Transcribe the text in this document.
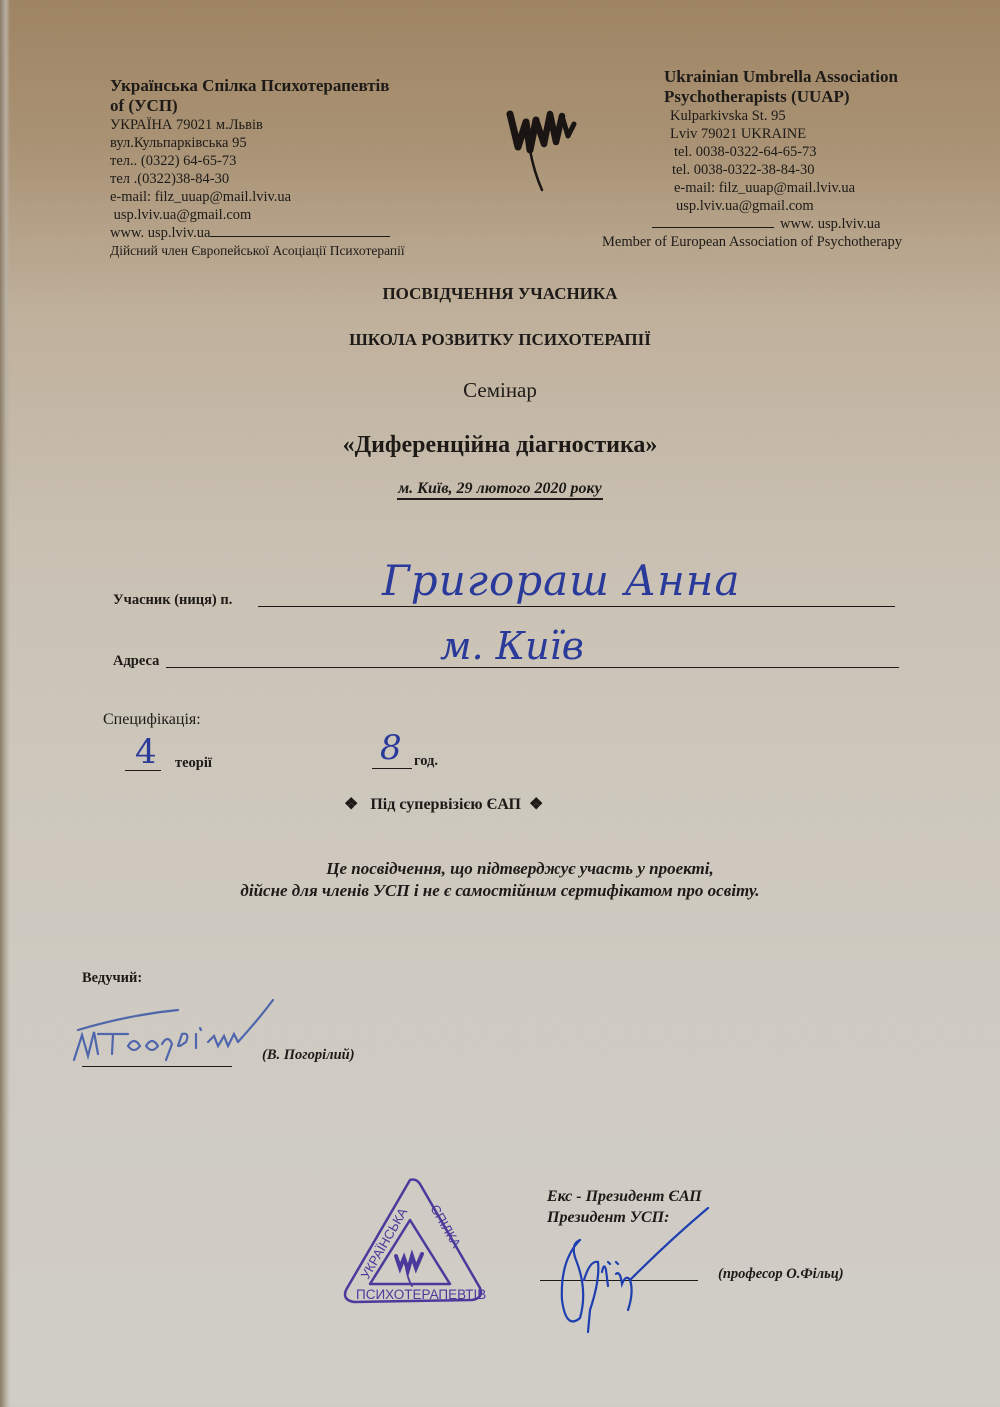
Українська Спілка Психотерапевтів
of (УСП)
УКРАЇНА 79021 м.Львів
вул.Кульпарківська 95
тел.. (0322) 64-65-73
тел .(0322)38-84-30
e-mail: filz_uuap@mail.lviv.ua
usp.lviv.ua@gmail.com
www. usp.lviv.ua
Дійсний член Європейської Асоціації Психотерапії
Ukrainian Umbrella Association
Psychotherapists (UUAP)
Kulparkivska St. 95
Lviv 79021 UKRAINE
tel. 0038-0322-64-65-73
tel. 0038-0322-38-84-30
e-mail: filz_uuap@mail.lviv.ua
usp.lviv.ua@gmail.com
www. usp.lviv.ua
Member of European Association of Psychotherapy
ПОСВІДЧЕННЯ УЧАСНИКА
ШКОЛА РОЗВИТКУ ПСИХОТЕРАПІЇ
Семінар
«Диференційна діагностика»
м. Київ, 29 лютого 2020 року
Учасник (ниця) п.	Григораш Анна
Адреса	м. Київ
Специфікація:
4 теорії	8 год.
❖ Під супервізією ЄАП ❖
Це посвідчення, що підтверджує участь у проекті,
дійсне для членів УСП і не є самостійним сертифікатом про освіту.
Ведучий:
(В. Погорілий)
УКРАЇНСЬКА СПІЛКА
ПСИХОТЕРАПЕВТІВ
Екс - Президент ЄАП
Президент УСП:
(професор О.Фільц)
